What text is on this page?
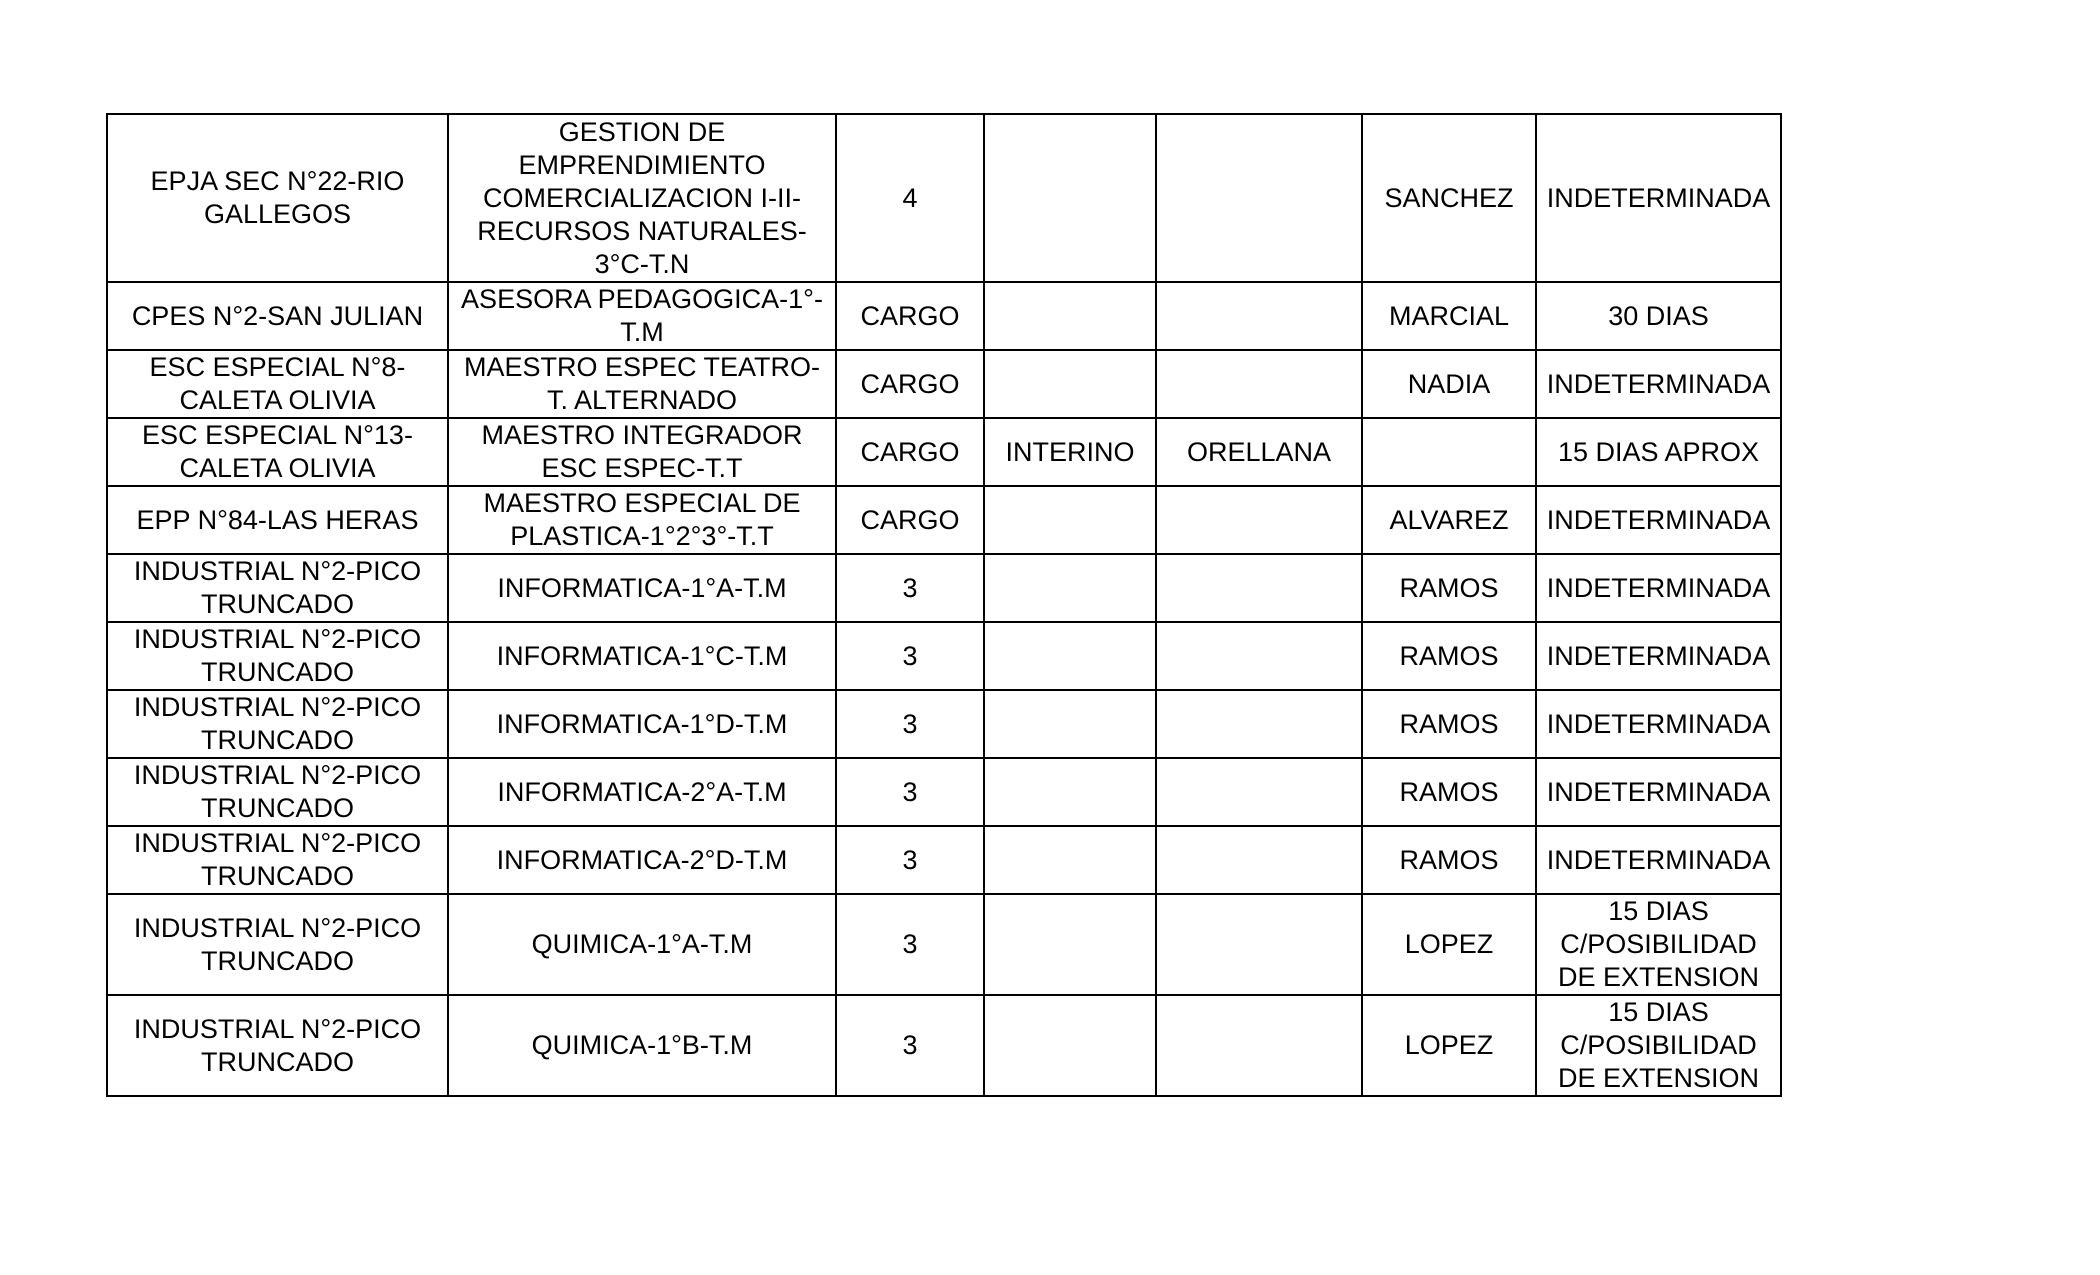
EPJA SEC N°22-RIO GALLEGOS	GESTION DE EMPRENDIMIENTO COMERCIALIZACION I-II-RECURSOS NATURALES-3°C-T.N	4			SANCHEZ	INDETERMINADA
CPES N°2-SAN JULIAN	ASESORA PEDAGOGICA-1°-T.M	CARGO			MARCIAL	30 DIAS
ESC ESPECIAL N°8-CALETA OLIVIA	MAESTRO ESPEC TEATRO-T. ALTERNADO	CARGO			NADIA	INDETERMINADA
ESC ESPECIAL N°13-CALETA OLIVIA	MAESTRO INTEGRADOR ESC ESPEC-T.T	CARGO	INTERINO	ORELLANA		15 DIAS APROX
EPP N°84-LAS HERAS	MAESTRO ESPECIAL DE PLASTICA-1°2°3°-T.T	CARGO			ALVAREZ	INDETERMINADA
INDUSTRIAL N°2-PICO TRUNCADO	INFORMATICA-1°A-T.M	3			RAMOS	INDETERMINADA
INDUSTRIAL N°2-PICO TRUNCADO	INFORMATICA-1°C-T.M	3			RAMOS	INDETERMINADA
INDUSTRIAL N°2-PICO TRUNCADO	INFORMATICA-1°D-T.M	3			RAMOS	INDETERMINADA
INDUSTRIAL N°2-PICO TRUNCADO	INFORMATICA-2°A-T.M	3			RAMOS	INDETERMINADA
INDUSTRIAL N°2-PICO TRUNCADO	INFORMATICA-2°D-T.M	3			RAMOS	INDETERMINADA
INDUSTRIAL N°2-PICO TRUNCADO	QUIMICA-1°A-T.M	3			LOPEZ	15 DIAS C/POSIBILIDAD DE EXTENSION
INDUSTRIAL N°2-PICO TRUNCADO	QUIMICA-1°B-T.M	3			LOPEZ	15 DIAS C/POSIBILIDAD DE EXTENSION
